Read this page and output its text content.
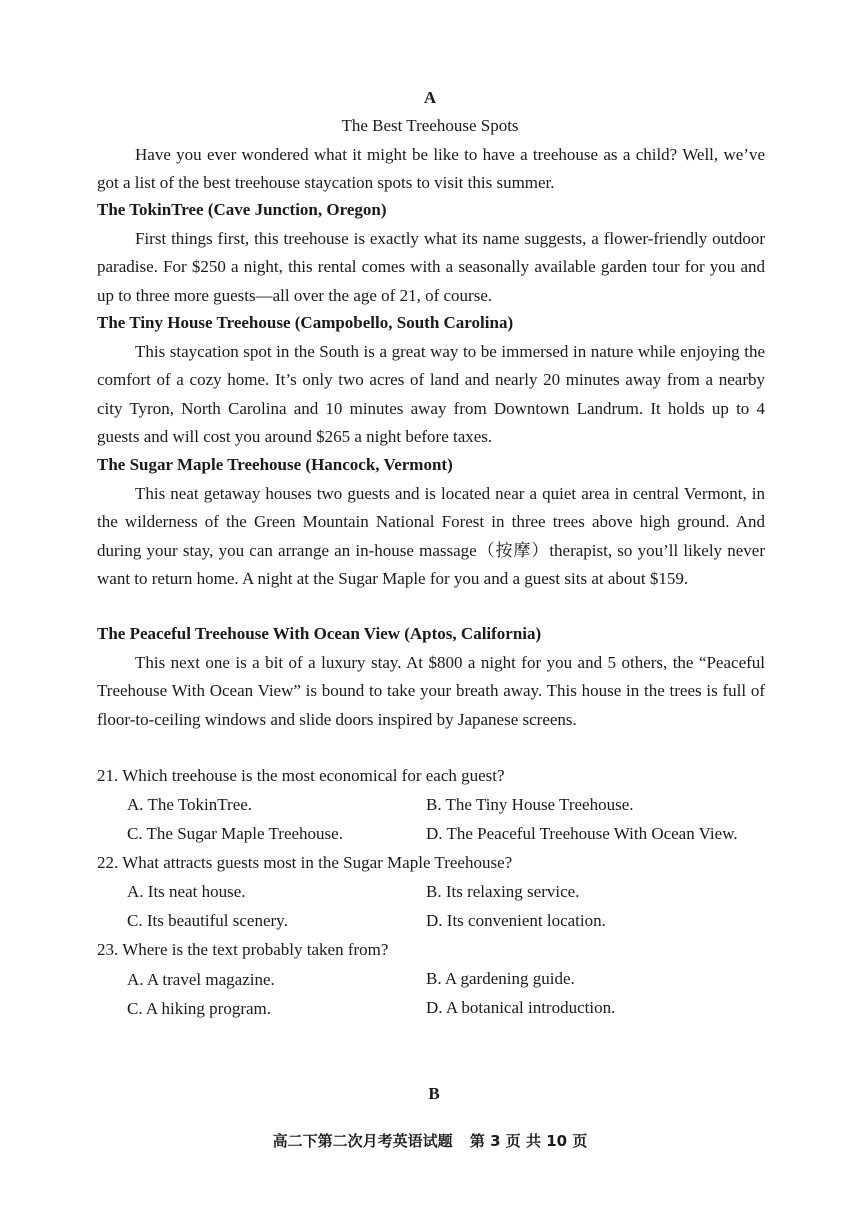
A
The Best Treehouse Spots
Have you ever wondered what it might be like to have a treehouse as a child? Well, we’ve got a list of the best treehouse staycation spots to visit this summer.
The TokinTree (Cave Junction, Oregon)
First things first, this treehouse is exactly what its name suggests, a flower-friendly outdoor paradise. For $250 a night, this rental comes with a seasonally available garden tour for you and up to three more guests—all over the age of 21, of course.
The Tiny House Treehouse (Campobello, South Carolina)
This staycation spot in the South is a great way to be immersed in nature while enjoying the comfort of a cozy home. It’s only two acres of land and nearly 20 minutes away from a nearby city Tyron, North Carolina and 10 minutes away from Downtown Landrum. It holds up to 4 guests and will cost you around $265 a night before taxes.
The Sugar Maple Treehouse (Hancock, Vermont)
This neat getaway houses two guests and is located near a quiet area in central Vermont, in the wilderness of the Green Mountain National Forest in three trees above high ground. And during your stay, you can arrange an in-house massage（按摩）therapist, so you’ll likely never want to return home. A night at the Sugar Maple for you and a guest sits at about $159.
The Peaceful Treehouse With Ocean View (Aptos, California)
This next one is a bit of a luxury stay. At $800 a night for you and 5 others, the “Peaceful Treehouse With Ocean View” is bound to take your breath away. This house in the trees is full of floor-to-ceiling windows and slide doors inspired by Japanese screens.
21. Which treehouse is the most economical for each guest?
A. The TokinTree.	B. The Tiny House Treehouse.
C. The Sugar Maple Treehouse.	D. The Peaceful Treehouse With Ocean View.
22. What attracts guests most in the Sugar Maple Treehouse?
A. Its neat house.	B. Its relaxing service.
C. Its beautiful scenery.	D. Its convenient location.
23. Where is the text probably taken from?
A. A travel magazine.	B. A gardening guide.
C. A hiking program.	D. A botanical introduction.
B
高二下第二次月考英语试题 第 3 页 共 10 页
